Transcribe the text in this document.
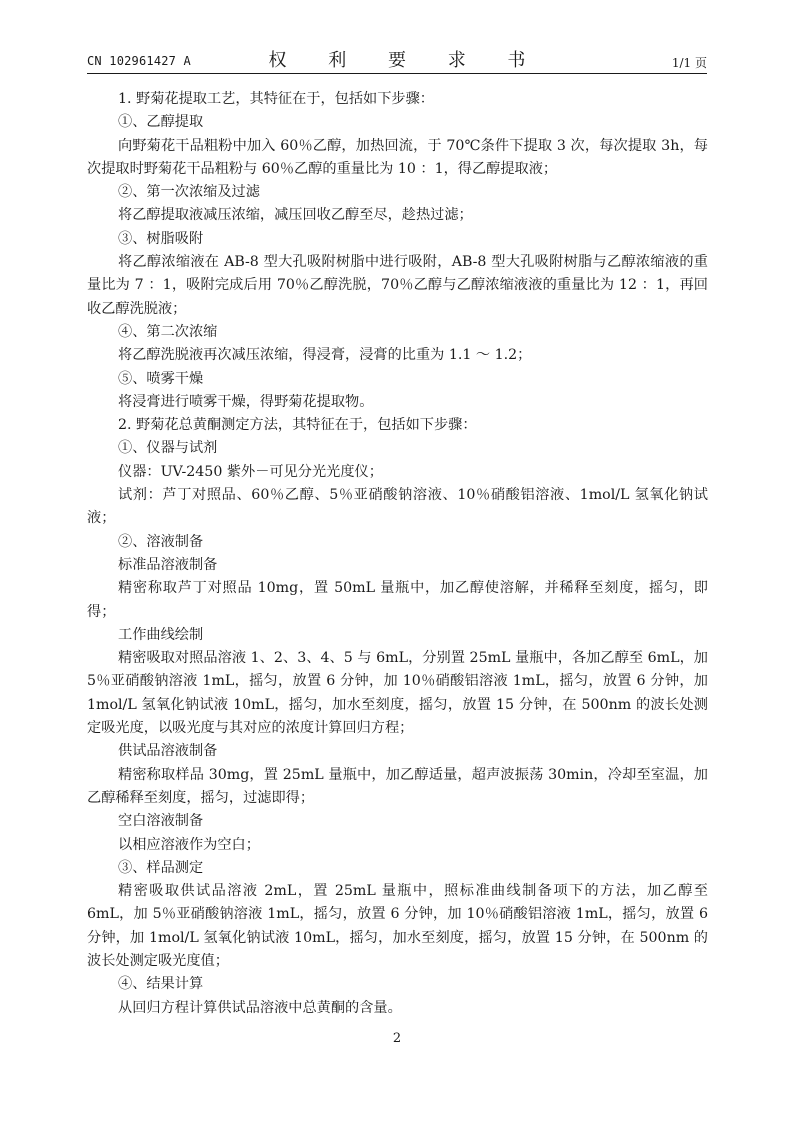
CN 102961427 A	权 利 要 求 书	1/1 页

1. 野菊花提取工艺，其特征在于，包括如下步骤：

①、乙醇提取

向野菊花干品粗粉中加入 60％乙醇，加热回流，于 70℃条件下提取 3 次，每次提取 3h，每次提取时野菊花干品粗粉与 60％乙醇的重量比为 10 ：1，得乙醇提取液；

②、第一次浓缩及过滤

将乙醇提取液减压浓缩，减压回收乙醇至尽，趁热过滤；

③、树脂吸附

将乙醇浓缩液在 AB-8 型大孔吸附树脂中进行吸附，AB-8 型大孔吸附树脂与乙醇浓缩液的重量比为 7 ：1，吸附完成后用 70％乙醇洗脱，70％乙醇与乙醇浓缩液液的重量比为 12 ：1，再回收乙醇洗脱液；

④、第二次浓缩

将乙醇洗脱液再次减压浓缩，得浸膏，浸膏的比重为 1.1 ～ 1.2；

⑤、喷雾干燥

将浸膏进行喷雾干燥，得野菊花提取物。

2. 野菊花总黄酮测定方法，其特征在于，包括如下步骤：

①、仪器与试剂

仪器：UV-2450 紫外－可见分光光度仪；

试剂：芦丁对照品、60％乙醇、5％亚硝酸钠溶液、10％硝酸铝溶液、1mol/L 氢氧化钠试液；

②、溶液制备

标准品溶液制备

精密称取芦丁对照品 10mg，置 50mL 量瓶中，加乙醇使溶解，并稀释至刻度，摇匀，即得；

工作曲线绘制

精密吸取对照品溶液 1、2、3、4、5 与 6mL，分别置 25mL 量瓶中，各加乙醇至 6mL，加 5％亚硝酸钠溶液 1mL，摇匀，放置 6 分钟，加 10％硝酸铝溶液 1mL，摇匀，放置 6 分钟，加 1mol/L 氢氧化钠试液 10mL，摇匀，加水至刻度，摇匀，放置 15 分钟，在 500nm 的波长处测定吸光度，以吸光度与其对应的浓度计算回归方程；

供试品溶液制备

精密称取样品 30mg，置 25mL 量瓶中，加乙醇适量，超声波振荡 30min，冷却至室温，加乙醇稀释至刻度，摇匀，过滤即得；

空白溶液制备

以相应溶液作为空白；

③、样品测定

精密吸取供试品溶液 2mL，置 25mL 量瓶中，照标准曲线制备项下的方法，加乙醇至 6mL，加 5％亚硝酸钠溶液 1mL，摇匀，放置 6 分钟，加 10％硝酸铝溶液 1mL，摇匀，放置 6 分钟，加 1mol/L 氢氧化钠试液 10mL，摇匀，加水至刻度，摇匀，放置 15 分钟，在 500nm 的波长处测定吸光度值；

④、结果计算

从回归方程计算供试品溶液中总黄酮的含量。

2
